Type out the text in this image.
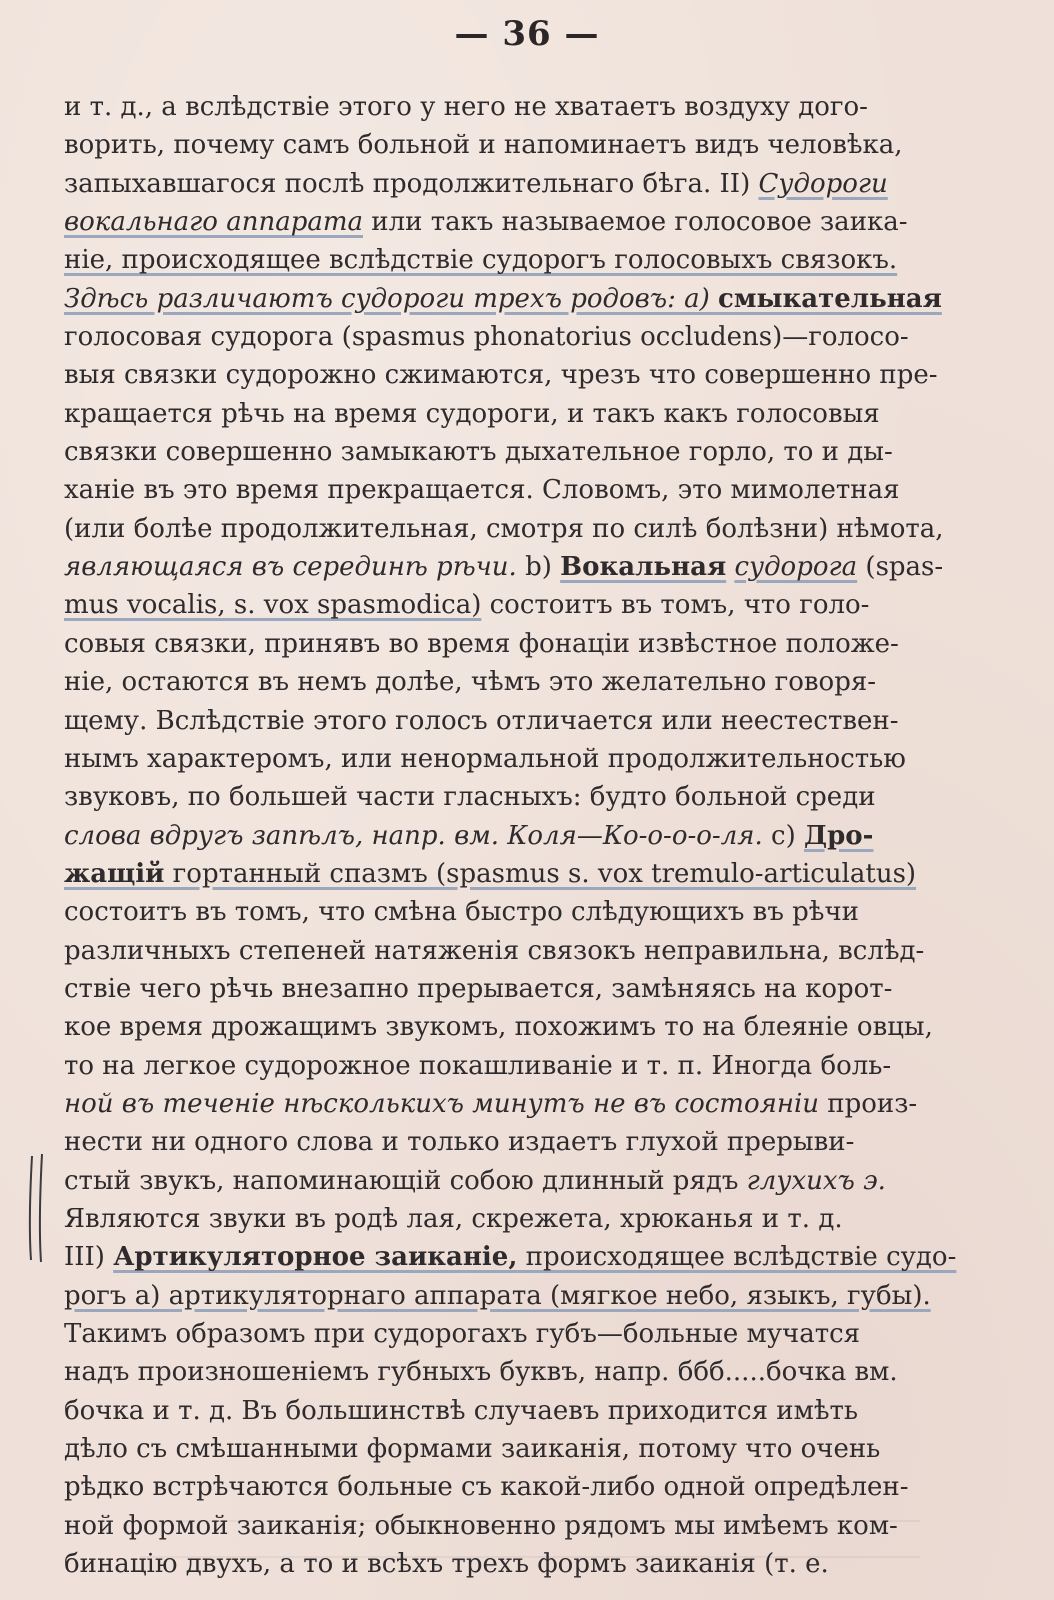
— 36 —
и т. д., а вслѣдствіе этого у него не хватаетъ воздуху дого-
ворить, почему самъ больной и напоминаетъ видъ человѣка,
запыхавшагося послѣ продолжительнаго бѣга. II) Судороги
вокальнаго аппарата или такъ называемое голосовое заика-
ніе, происходящее вслѣдствіе судорогъ голосовыхъ связокъ.
Здѣсь различаютъ судороги трехъ родовъ: а) смыкательная
голосовая судорога (spasmus phonatorius occludens)—голосо-
выя связки судорожно сжимаются, чрезъ что совершенно пре-
кращается рѣчь на время судороги, и такъ какъ голосовыя
связки совершенно замыкаютъ дыхательное горло, то и ды-
ханіе въ это время прекращается. Словомъ, это мимолетная
(или болѣе продолжительная, смотря по силѣ болѣзни) нѣмота,
являющаяся въ серединѣ рѣчи. b) Вокальная судорога (spas-
mus vocalis, s. vox spasmodica) состоитъ въ томъ, что голо-
совыя связки, принявъ во время фонаціи извѣстное положе-
ніе, остаются въ немъ долѣе, чѣмъ это желательно говоря-
щему. Вслѣдствіе этого голосъ отличается или неестествен-
нымъ характеромъ, или ненормальной продолжительностью
звуковъ, по большей части гласныхъ: будто больной среди
слова вдругъ запѣлъ, напр. вм. Коля—Ко-о-о-о-ля. с) Дро-
жащій гортанный спазмъ (spasmus s. vox tremulo-articulatus)
состоитъ въ томъ, что смѣна быстро слѣдующихъ въ рѣчи
различныхъ степеней натяженія связокъ неправильна, вслѣд-
ствіе чего рѣчь внезапно прерывается, замѣняясь на корот-
кое время дрожащимъ звукомъ, похожимъ то на блеяніе овцы,
то на легкое судорожное покашливаніе и т. п. Иногда боль-
ной въ теченіе нѣсколькихъ минутъ не въ состояніи произ-
нести ни одного слова и только издаетъ глухой прерыви-
стый звукъ, напоминающій собою длинный рядъ глухихъ э.
Являются звуки въ родѣ лая, скрежета, хрюканья и т. д.
III) Артикуляторное заиканіе, происходящее вслѣдствіе судо-
рогъ а) артикуляторнаго аппарата (мягкое небо, языкъ, губы).
Такимъ образомъ при судорогахъ губъ—больные мучатся
надъ произношеніемъ губныхъ буквъ, напр. ббб.....бочка вм.
бочка и т. д. Въ большинствѣ случаевъ приходится имѣть
дѣло съ смѣшанными формами заиканія, потому что очень
рѣдко встрѣчаются больные съ какой-либо одной опредѣлен-
ной формой заиканія; обыкновенно рядомъ мы имѣемъ ком-
бинацію двухъ, а то и всѣхъ трехъ формъ заиканія (т. е.
